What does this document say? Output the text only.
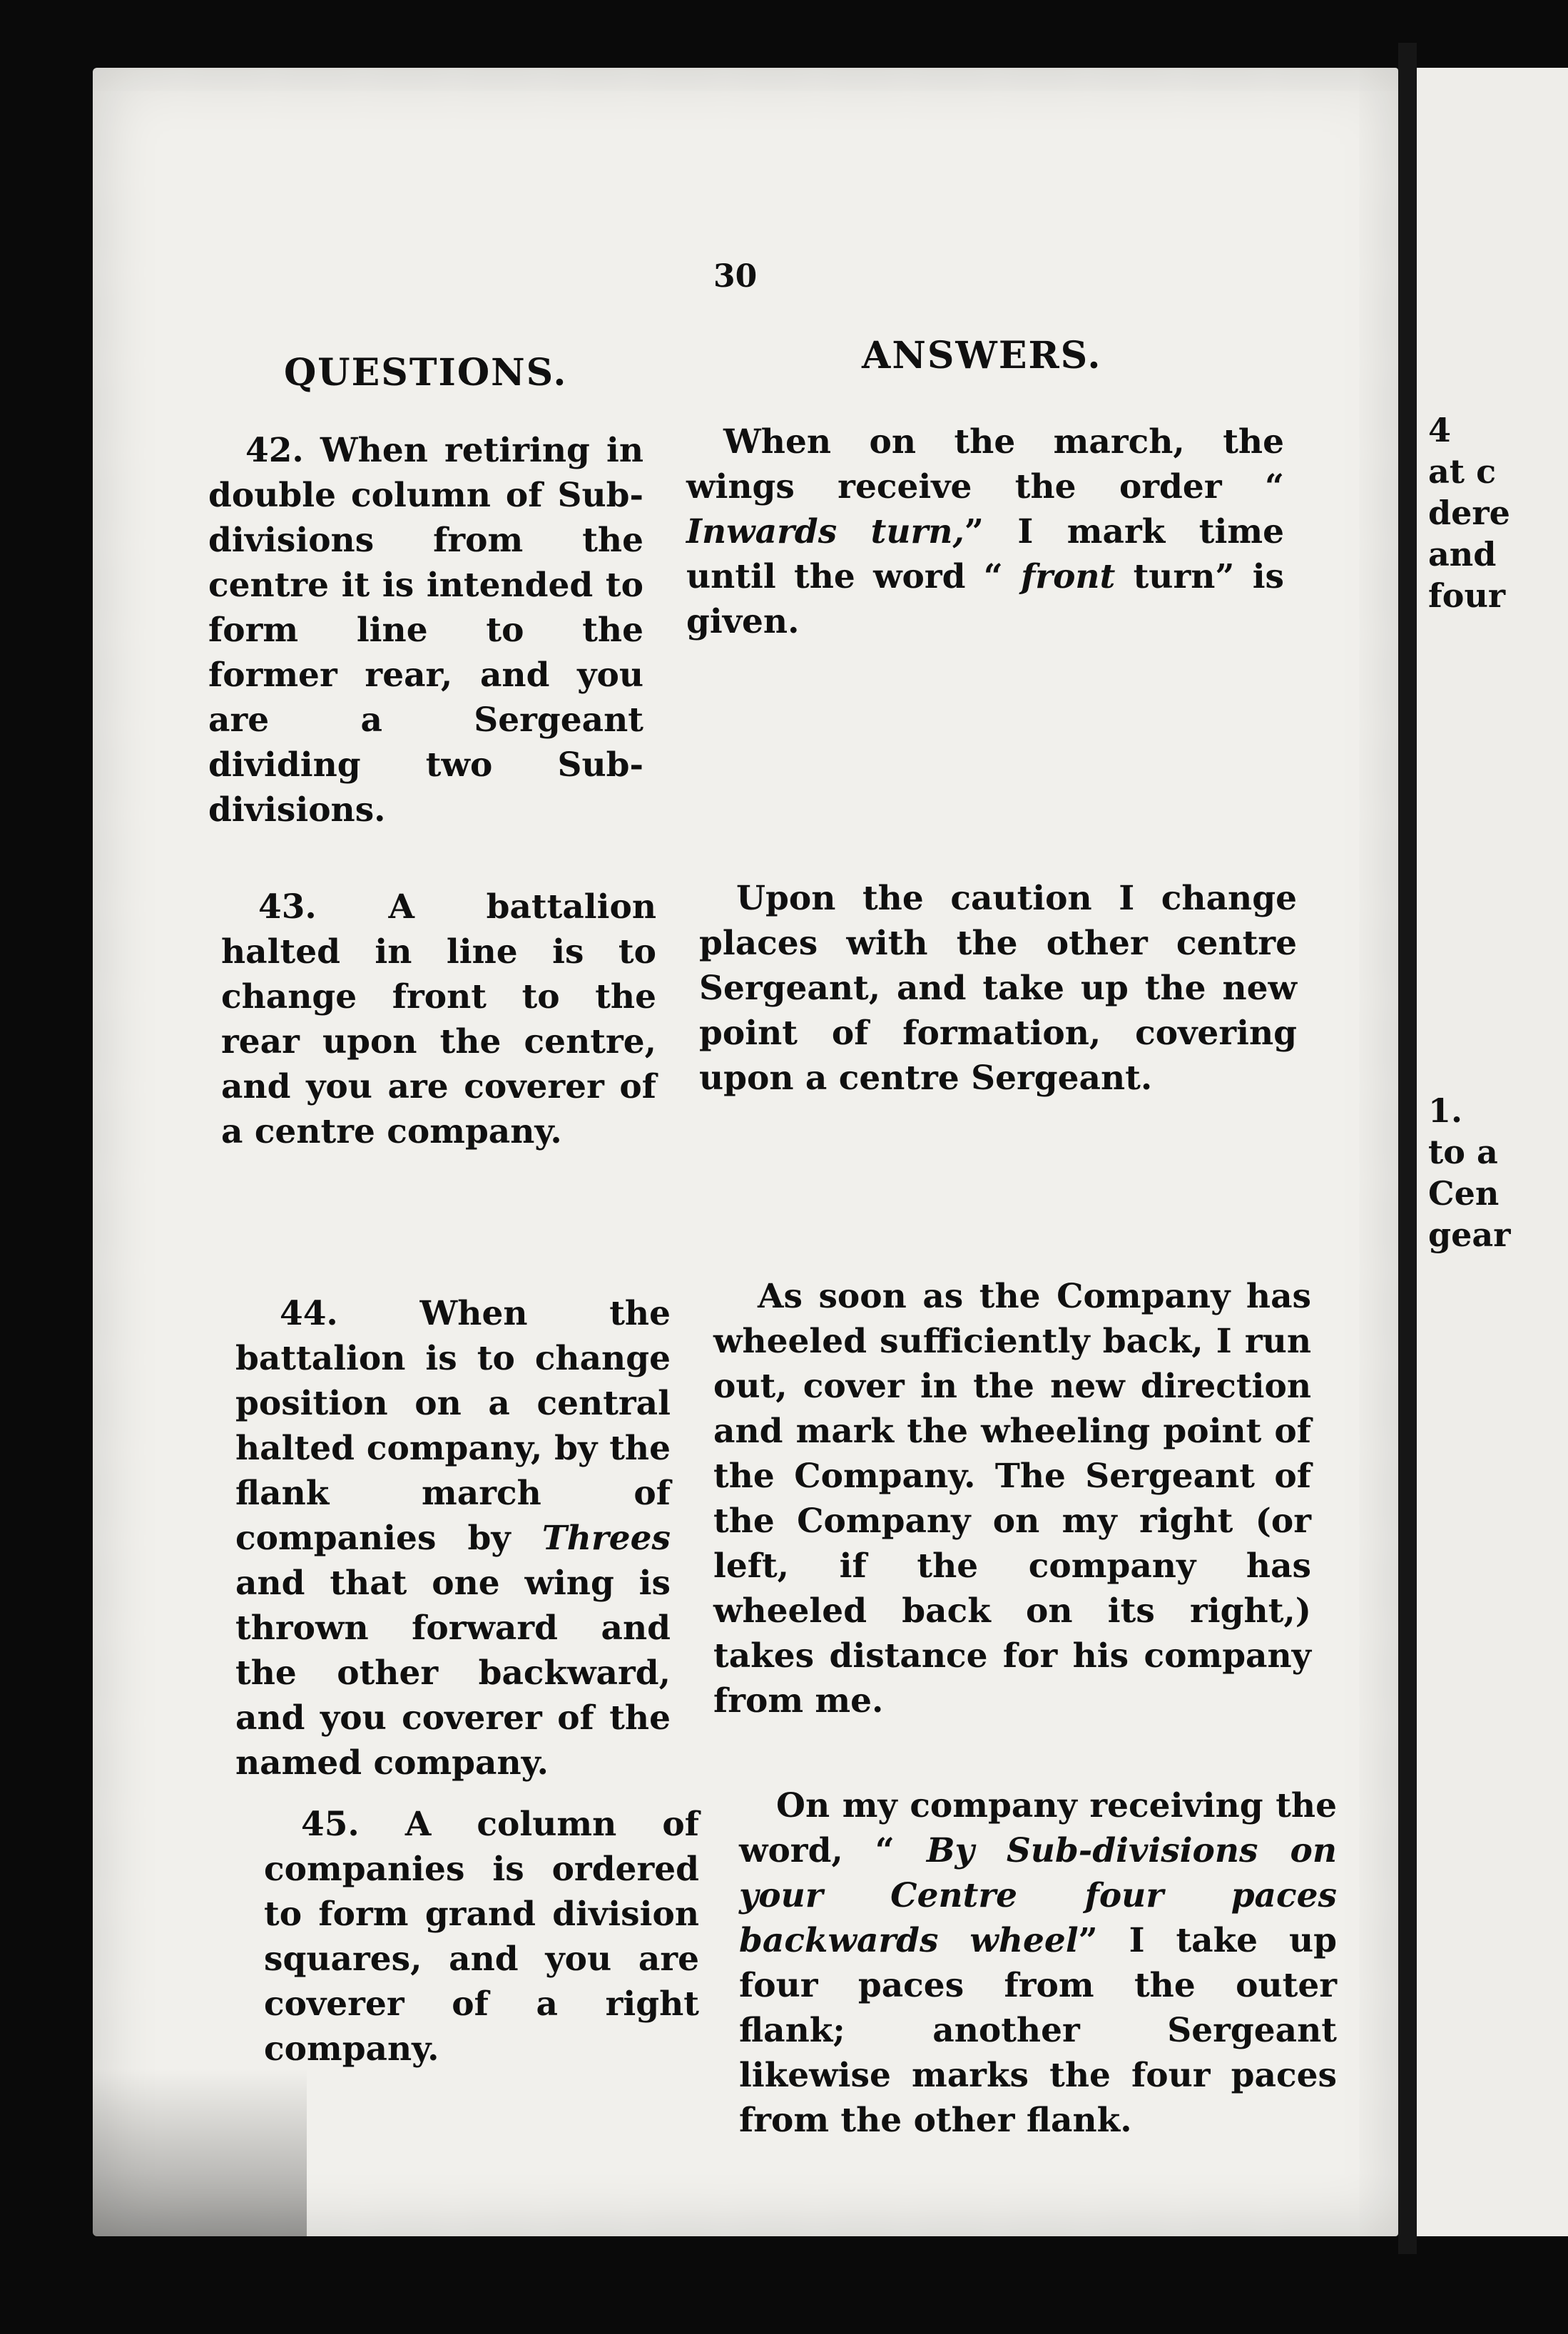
4
at c
dere
and
four
1.
to a
Cen
gear
30
QUESTIONS.	ANSWERS.
42. When retiring in double column of Sub-divisions from the centre it is intended to form line to the former rear, and you are a Sergeant dividing two Sub-divisions.
When on the march, the wings receive the order “ Inwards turn,” I mark time until the word “ front turn” is given.
43. A battalion halted in line is to change front to the rear upon the centre, and you are coverer of a centre company.
Upon the caution I change places with the other centre Sergeant, and take up the new point of formation, covering upon a centre Sergeant.
44. When the battalion is to change position on a central halted company, by the flank march of companies by Threes and that one wing is thrown forward and the other backward, and you coverer of the named company.
As soon as the Company has wheeled sufficiently back, I run out, cover in the new direction and mark the wheeling point of the Company. The Sergeant of the Company on my right (or left, if the company has wheeled back on its right,) takes distance for his company from me.
45. A column of companies is ordered to form grand division squares, and you are coverer of a right company.
On my company receiving the word, “ By Sub-divisions on your Centre four paces backwards wheel” I take up four paces from the outer flank; another Sergeant likewise marks the four paces from the other flank.
